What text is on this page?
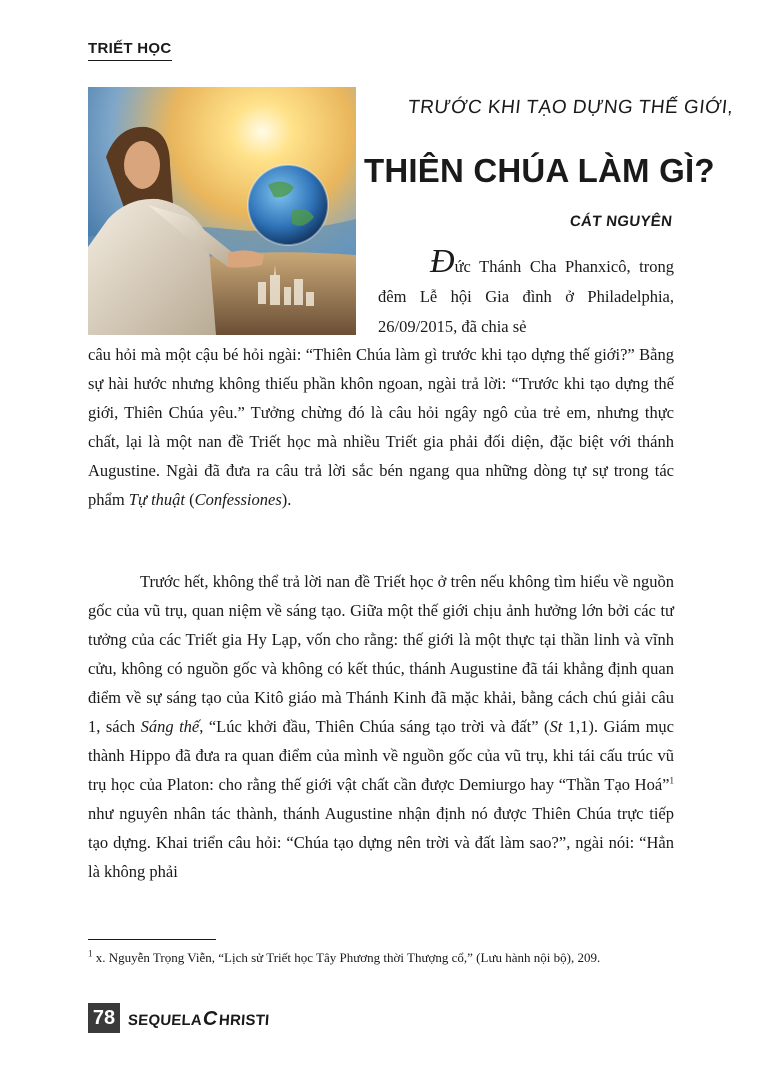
TRIẾT HỌC
TRƯỚC KHI TẠO DỰNG THẾ GIỚI,
THIÊN CHÚA LÀM GÌ?
CÁT NGUYÊN
Đức Thánh Cha Phanxicô, trong đêm Lễ hội Gia đình ở Philadelphia, 26/09/2015, đã chia sẻ

câu hỏi mà một cậu bé hỏi ngài: “Thiên Chúa làm gì trước khi tạo dựng thế giới?” Bằng sự hài hước nhưng không thiếu phần khôn ngoan, ngài trả lời: “Trước khi tạo dựng thế giới, Thiên Chúa yêu.” Tưởng chừng đó là câu hỏi ngây ngô của trẻ em, nhưng thực chất, lại là một nan đề Triết học mà nhiều Triết gia phải đối diện, đặc biệt với thánh Augustine. Ngài đã đưa ra câu trả lời sắc bén ngang qua những dòng tự sự trong tác phẩm Tự thuật (Confessiones).

Trước hết, không thể trả lời nan đề Triết học ở trên nếu không tìm hiểu về nguồn gốc của vũ trụ, quan niệm về sáng tạo. Giữa một thế giới chịu ảnh hưởng lớn bởi các tư tưởng của các Triết gia Hy Lạp, vốn cho rằng: thế giới là một thực tại thần linh và vĩnh cửu, không có nguồn gốc và không có kết thúc, thánh Augustine đã tái khẳng định quan điểm về sự sáng tạo của Kitô giáo mà Thánh Kinh đã mặc khải, bằng cách chú giải câu 1, sách Sáng thế, “Lúc khởi đầu, Thiên Chúa sáng tạo trời và đất” (St 1,1). Giám mục thành Hippo đã đưa ra quan điểm của mình về nguồn gốc của vũ trụ, khi tái cấu trúc vũ trụ học của Platon: cho rằng thế giới vật chất cần được Demiurgo hay “Thần Tạo Hoá”$^1$ như nguyên nhân tác thành, thánh Augustine nhận định nó được Thiên Chúa trực tiếp tạo dựng. Khai triển câu hỏi: “Chúa tạo dựng nên trời và đất làm sao?”, ngài nói: “Hẳn là không phải

$^1$ x. Nguyễn Trọng Viễn, “Lịch sử Triết học Tây Phương thời Thượng cổ,” (Lưu hành nội bộ), 209.
78 SEQUELA C HRISTI
